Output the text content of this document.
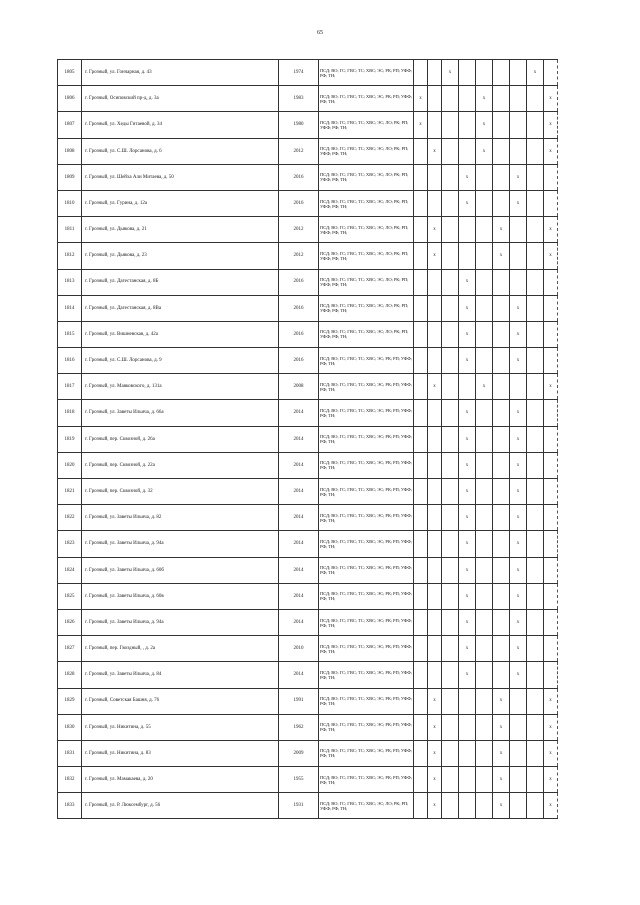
65
1805	г. Грозный, ул. Гончарная, д. 43	1974	ПСД; ВО; ГС; ГВС; ТС; ХВС; ЭС; РК; РП; УФФ; РФ; ТН;			x					x	
1806	г. Грозный, Осиповский пр-д, д. 3а	1983	ПСД; ВО; ГС; ГВС; ТС; ХВС; ЭС; РК; РП; УФФ; РФ; ТН;	x				x				x
1807	г. Грозный, ул. Хеды Гитаевой, д. 34	1980	ПСД; ВО; ГС; ГВС; ТС; ХВС; ЭС; ЛО; РК; РП; УФФ; РФ; ТН;	x				x				x
1808	г. Грозный, ул. С.Ш. Лорсанова, д. 6	2012	ПСД; ВО; ГС; ГВС; ТС; ХВС; ЭС; ЛО; РК; РП; УФФ; РФ; ТН;		x			x				x
1809	г. Грозный, ул. Шейха Али Митаева, д. 50	2016	ПСД; ВО; ГС; ГВС; ТС; ХВС; ЭС; ЛО; РК; РП; УФФ; РФ; ТН;				x			x		
1810	г. Грозный, ул. Гурина, д. 12а	2016	ПСД; ВО; ГС; ГВС; ТС; ХВС; ЭС; ЛО; РК; РП; УФФ; РФ; ТН;				x			x		
1811	г. Грозный, ул. Дьякова, д. 21	2012	ПСД; ВО; ГС; ГВС; ТС; ХВС; ЭС; ЛО; РК; РП; УФФ; РФ; ТН;		x				x			x
1812	г. Грозный, ул. Дьякова, д. 23	2012	ПСД; ВО; ГС; ГВС; ТС; ХВС; ЭС; ЛО; РК; РП; УФФ; РФ; ТН;		x				x			x
1813	г. Грозный, ул. Дагестанская, д. 8Б	2016	ПСД; ВО; ГС; ГВС; ТС; ХВС; ЭС; ЛО; РК; РП; УФФ; РФ; ТН;				x					
1814	г. Грозный, ул. Дагестанская, д. 8Ва	2016	ПСД; ВО; ГС; ГВС; ТС; ХВС; ЭС; ЛО; РК; РП; УФФ; РФ; ТН;				x			x		
1815	г. Грозный, ул. Вишневская, д. 42а	2016	ПСД; ВО; ГС; ГВС; ТС; ХВС; ЭС; ЛО; РК; РП; УФФ; РФ; ТН;				x			x		
1816	г. Грозный, ул. С.Ш. Лорсанова, д. 9	2016	ПСД; ВО; ГС; ГВС; ТС; ХВС; ЭС; РК; РП; УФФ; РФ; ТН;				x			x		
1817	г. Грозный, ул. Маяковского, д. 131а	2008	ПСД; ВО; ГС; ГВС; ТС; ХВС; ЭС; РК; РП; УФФ; РФ; ТН;		x			x				x
1818	г. Грозный, ул. Заветы Ильича, д. 66а	2014	ПСД; ВО; ГС; ГВС; ТС; ХВС; ЭС; РК; РП; УФФ; РФ; ТН;				x			x		
1819	г. Грозный, пер. Сквозной, д. 26а	2014	ПСД; ВО; ГС; ГВС; ТС; ХВС; ЭС; РК; РП; УФФ; РФ; ТН;				x			x		
1820	г. Грозный, пер. Сквозной, д. 22а	2014	ПСД; ВО; ГС; ГВС; ТС; ХВС; ЭС; РК; РП; УФФ; РФ; ТН;				x			x		
1821	г. Грозный, пер. Сквозной, д. 32	2014	ПСД; ВО; ГС; ГВС; ТС; ХВС; ЭС; РК; РП; УФФ; РФ; ТН;				x			x		
1822	г. Грозный, ул. Заветы Ильича, д. 82	2014	ПСД; ВО; ГС; ГВС; ТС; ХВС; ЭС; РК; РП; УФФ; РФ; ТН;				x			x		
1823	г. Грозный, ул. Заветы Ильича, д. 94а	2014	ПСД; ВО; ГС; ГВС; ТС; ХВС; ЭС; РК; РП; УФФ; РФ; ТН;				x			x		
1824	г. Грозный, ул. Заветы Ильича, д. 60б	2014	ПСД; ВО; ГС; ГВС; ТС; ХВС; ЭС; РК; РП; УФФ; РФ; ТН;				x			x		
1825	г. Грозный, ул. Заветы Ильича, д. 60в	2014	ПСД; ВО; ГС; ГВС; ТС; ХВС; ЭС; РК; РП; УФФ; РФ; ТН;				x			x		
1826	г. Грозный, ул. Заветы Ильича, д. 94а	2014	ПСД; ВО; ГС; ГВС; ТС; ХВС; ЭС; РК; РП; УФФ; РФ; ТН;				x			x		
1827	г. Грозный, пер. Гвоздный, , д. 2а	2010	ПСД; ВО; ГС; ГВС; ТС; ХВС; ЭС; РК; РП; УФФ; РФ; ТН;				x			x		
1828	г. Грозный, ул. Заветы Ильича, д. 84	2014	ПСД; ВО; ГС; ГВС; ТС; ХВС; ЭС; РК; РП; УФФ; РФ; ТН;				x			x		
1829	г. Грозный, Советская Башня, д. 76	1991	ПСД; ВО; ГС; ГВС; ТС; ХВС; ЭС; РК; РП; УФФ; РФ; ТН;		x				x			x
1830	г. Грозный, ул. Никитина, д. 55	1962	ПСД; ВО; ГС; ГВС; ТС; ХВС; ЭС; РК; РП; УФФ; РФ; ТН;		x				x			x
1831	г. Грозный, ул. Никитина, д. 83	2009	ПСД; ВО; ГС; ГВС; ТС; ХВС; ЭС; РК; РП; УФФ; РФ; ТН;		x				x			x
1832	г. Грозный, ул. Мамакаева, д. 20	1955	ПСД; ВО; ГС; ГВС; ТС; ХВС; ЭС; РК; РП; УФФ; РФ; ТН;		x				x			x
1833	г. Грозный, ул. Р. Люксембург, д. 56	1931	ПСД; ВО; ГС; ГВС; ТС; ХВС; ЭС; ЛО; РК; РП; УФФ; РФ; ТН;		x				x			x
